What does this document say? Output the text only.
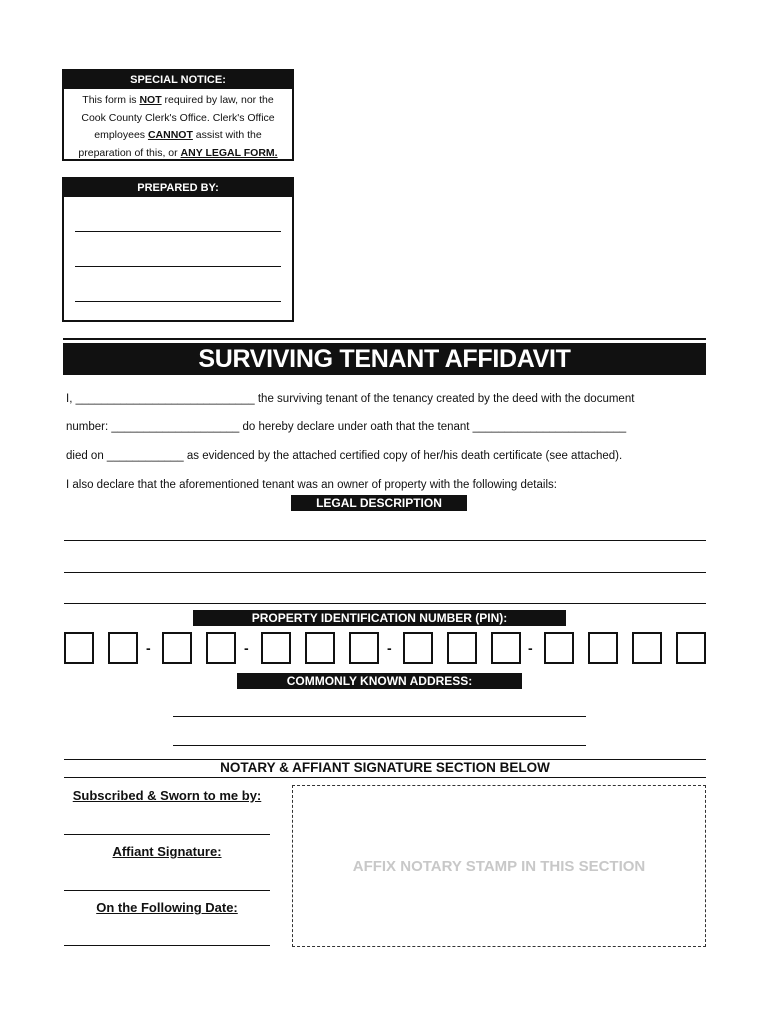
SPECIAL NOTICE:
This form is NOT required by law, nor the
Cook County Clerk's Office. Clerk's Office
employees CANNOT assist with the
preparation of this, or ANY LEGAL FORM.
PREPARED BY:
SURVIVING TENANT AFFIDAVIT
I, ____________________________ the surviving tenant of the tenancy created by the deed with the document
number: ____________________ do hereby declare under oath that the tenant ________________________
died on ____________ as evidenced by the attached certified copy of her/his death certificate (see attached).
I also declare that the aforementioned tenant was an owner of property with the following details:
LEGAL DESCRIPTION
PROPERTY IDENTIFICATION NUMBER (PIN):
-	-	-	-
COMMONLY KNOWN ADDRESS:
NOTARY & AFFIANT SIGNATURE SECTION BELOW
Subscribed & Sworn to me by:
Affiant Signature:
On the Following Date:
AFFIX NOTARY STAMP IN THIS SECTION
